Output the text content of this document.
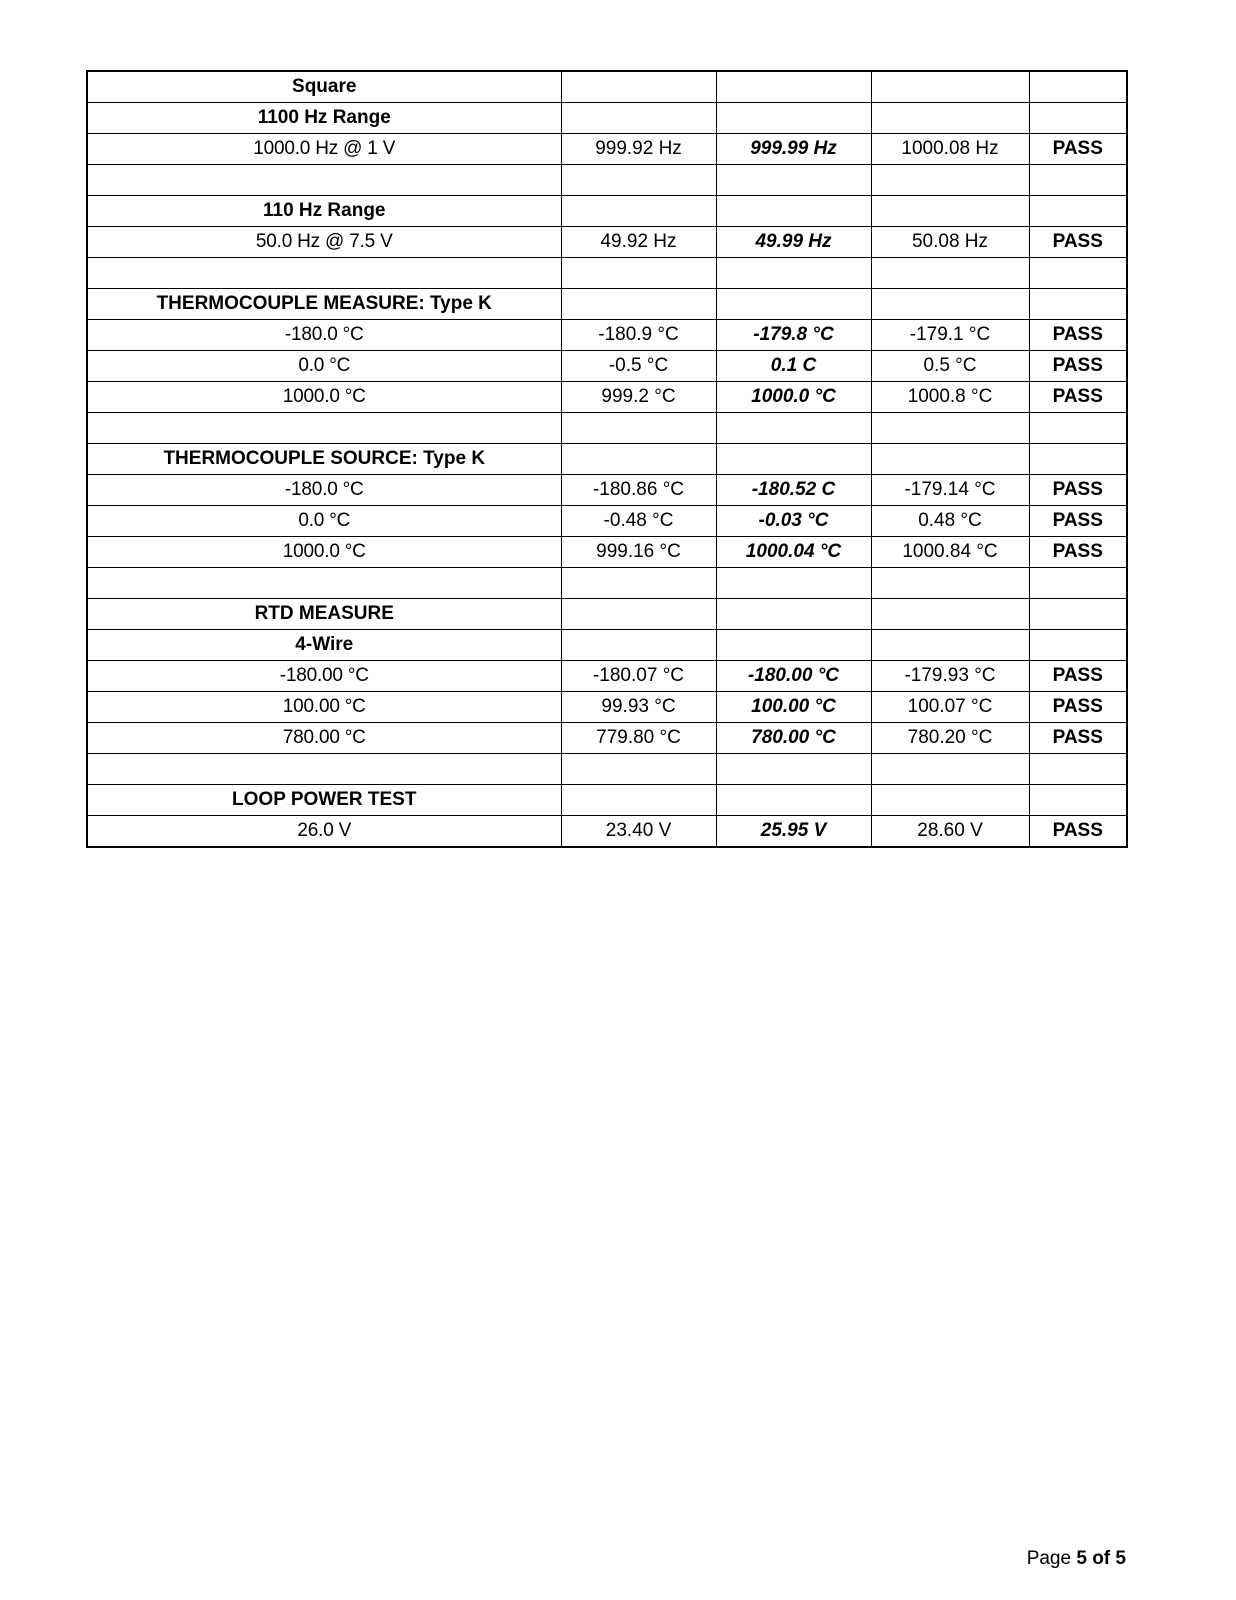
Square				
1100 Hz Range				
1000.0 Hz @ 1 V	999.92 Hz	999.99 Hz	1000.08 Hz	PASS

110 Hz Range				
50.0 Hz @ 7.5 V	49.92 Hz	49.99 Hz	50.08 Hz	PASS

THERMOCOUPLE MEASURE: Type K				
-180.0 °C	-180.9 °C	-179.8 °C	-179.1 °C	PASS
0.0 °C	-0.5 °C	0.1 C	0.5 °C	PASS
1000.0 °C	999.2 °C	1000.0 °C	1000.8 °C	PASS

THERMOCOUPLE SOURCE: Type K				
-180.0 °C	-180.86 °C	-180.52 C	-179.14 °C	PASS
0.0 °C	-0.48 °C	-0.03 °C	0.48 °C	PASS
1000.0 °C	999.16 °C	1000.04 °C	1000.84 °C	PASS

RTD MEASURE				
4-Wire				
-180.00 °C	-180.07 °C	-180.00 °C	-179.93 °C	PASS
100.00 °C	99.93 °C	100.00 °C	100.07 °C	PASS
780.00 °C	779.80 °C	780.00 °C	780.20 °C	PASS

LOOP POWER TEST				
26.0 V	23.40 V	25.95 V	28.60 V	PASS
Page 5 of 5
